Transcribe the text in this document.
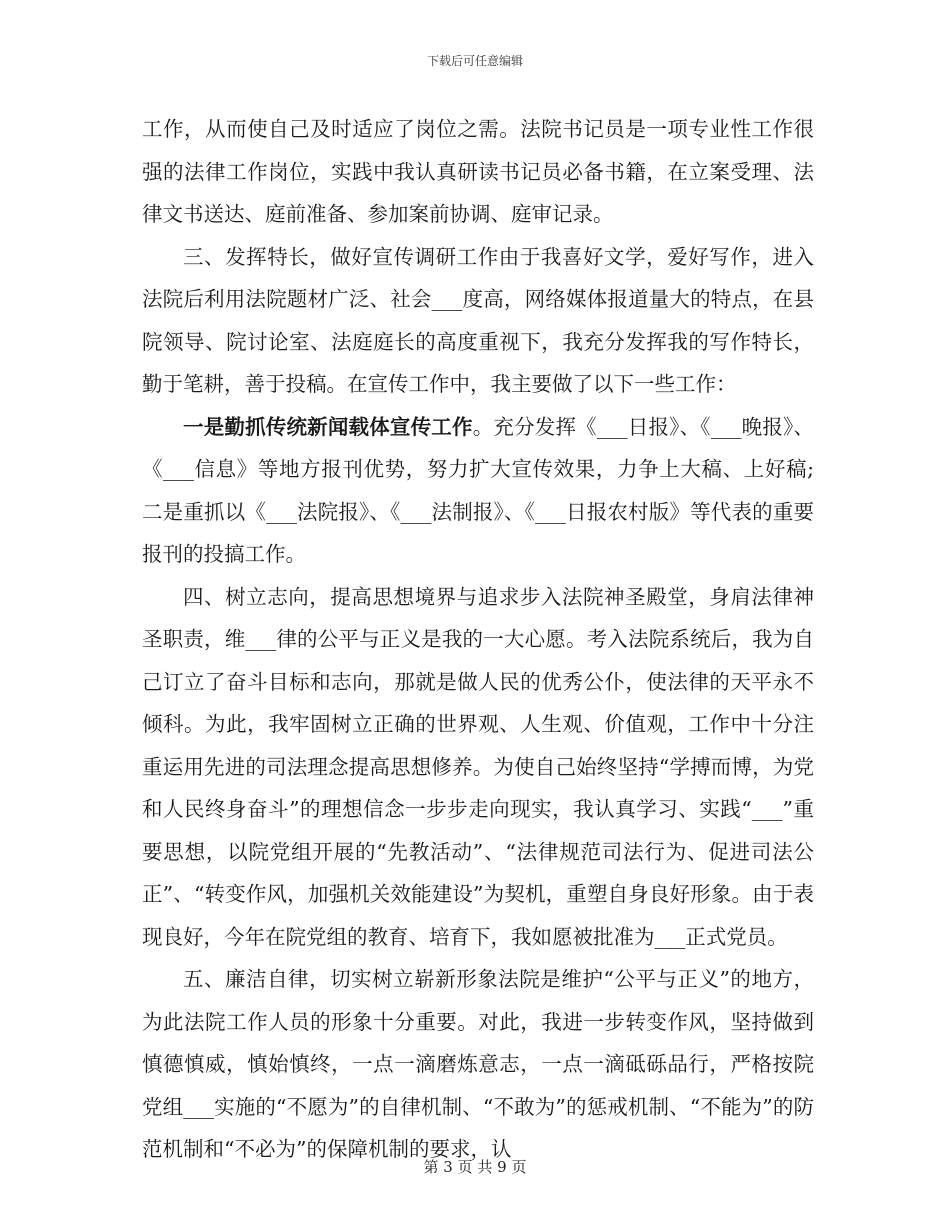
下载后可任意编辑

工作，从而使自己及时适应了岗位之需。法院书记员是一项专业性工作很强的法律工作岗位，实践中我认真研读书记员必备书籍，在立案受理、法律文书送达、庭前准备、参加案前协调、庭审记录。

三、发挥特长，做好宣传调研工作由于我喜好文学，爱好写作，进入法院后利用法院题材广泛、社会___度高，网络媒体报道量大的特点，在县院领导、院讨论室、法庭庭长的高度重视下，我充分发挥我的写作特长，勤于笔耕，善于投稿。在宣传工作中，我主要做了以下一些工作：

一是勤抓传统新闻载体宣传工作。充分发挥《___日报》、《___晚报》、《___信息》等地方报刊优势，努力扩大宣传效果，力争上大稿、上好稿;二是重抓以《___法院报》、《___法制报》、《___日报农村版》等代表的重要报刊的投搞工作。

四、树立志向，提高思想境界与追求步入法院神圣殿堂，身肩法律神圣职责，维___律的公平与正义是我的一大心愿。考入法院系统后，我为自己订立了奋斗目标和志向，那就是做人民的优秀公仆，使法律的天平永不倾科。为此，我牢固树立正确的世界观、人生观、价值观，工作中十分注重运用先进的司法理念提高思想修养。为使自己始终坚持“学搏而博，为党和人民终身奋斗”的理想信念一步步走向现实，我认真学习、实践“___”重要思想，以院党组开展的“先教活动”、“法律规范司法行为、促进司法公正”、“转变作风，加强机关效能建设”为契机，重塑自身良好形象。由于表现良好，今年在院党组的教育、培育下，我如愿被批准为___正式党员。

五、廉洁自律，切实树立崭新形象法院是维护“公平与正义”的地方，为此法院工作人员的形象十分重要。对此，我进一步转变作风，坚持做到慎德慎威，慎始慎终，一点一滴磨炼意志，一点一滴砥砾品行，严格按院党组___实施的“不愿为”的自律机制、“不敢为”的惩戒机制、“不能为”的防范机制和“不必为”的保障机制的要求，认

第 3 页 共 9 页
